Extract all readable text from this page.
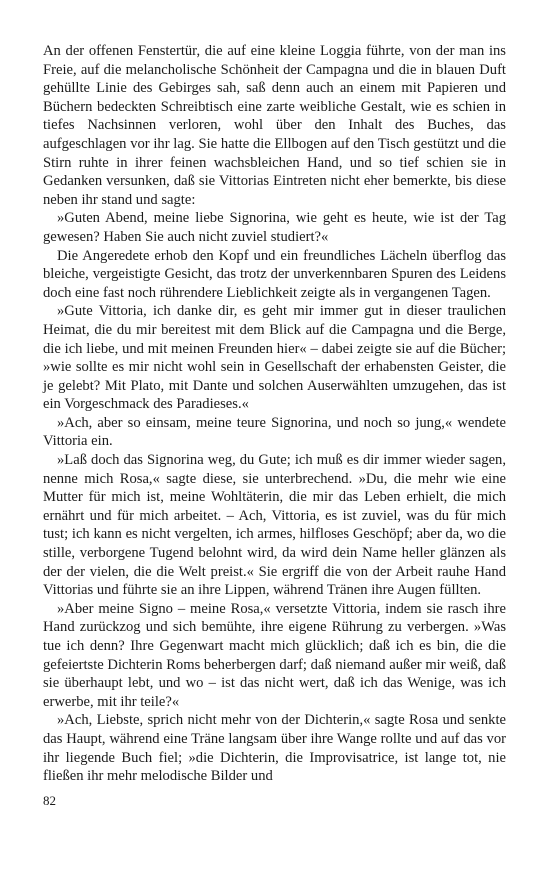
An der offenen Fenstertür, die auf eine kleine Loggia führte, von der man ins Freie, auf die melancholische Schönheit der Campagna und die in blauen Duft gehüllte Linie des Gebirges sah, saß denn auch an einem mit Papieren und Büchern bedeckten Schreibtisch eine zarte weibliche Gestalt, wie es schien in tiefes Nachsinnen verloren, wohl über den Inhalt des Buches, das aufgeschlagen vor ihr lag. Sie hatte die Ellbogen auf den Tisch gestützt und die Stirn ruhte in ihrer feinen wachsbleichen Hand, und so tief schien sie in Gedanken versunken, daß sie Vittorias Eintreten nicht eher bemerkte, bis diese neben ihr stand und sagte:

»Guten Abend, meine liebe Signorina, wie geht es heute, wie ist der Tag gewesen? Haben Sie auch nicht zuviel studiert?«

Die Angeredete erhob den Kopf und ein freundliches Lächeln überflog das bleiche, vergeistigte Gesicht, das trotz der unverkennbaren Spuren des Leidens doch eine fast noch rührendere Lieblichkeit zeigte als in vergangenen Tagen.

»Gute Vittoria, ich danke dir, es geht mir immer gut in dieser traulichen Heimat, die du mir bereitest mit dem Blick auf die Campagna und die Berge, die ich liebe, und mit meinen Freunden hier« – dabei zeigte sie auf die Bücher; »wie sollte es mir nicht wohl sein in Gesellschaft der erhabensten Geister, die je gelebt? Mit Plato, mit Dante und solchen Auserwählten umzugehen, das ist ein Vorgeschmack des Paradieses.«

»Ach, aber so einsam, meine teure Signorina, und noch so jung,« wendete Vittoria ein.

»Laß doch das Signorina weg, du Gute; ich muß es dir immer wieder sagen, nenne mich Rosa,« sagte diese, sie unterbrechend. »Du, die mehr wie eine Mutter für mich ist, meine Wohltäterin, die mir das Leben erhielt, die mich ernährt und für mich arbeitet. – Ach, Vittoria, es ist zuviel, was du für mich tust; ich kann es nicht vergelten, ich armes, hilfloses Geschöpf; aber da, wo die stille, verborgene Tugend belohnt wird, da wird dein Name heller glänzen als der der vielen, die die Welt preist.« Sie ergriff die von der Arbeit rauhe Hand Vittorias und führte sie an ihre Lippen, während Tränen ihre Augen füllten.

»Aber meine Signo – meine Rosa,« versetzte Vittoria, indem sie rasch ihre Hand zurückzog und sich bemühte, ihre eigene Rührung zu verbergen. »Was tue ich denn? Ihre Gegenwart macht mich glücklich; daß ich es bin, die die gefeiertste Dichterin Roms beherbergen darf; daß niemand außer mir weiß, daß sie überhaupt lebt, und wo – ist das nicht wert, daß ich das Wenige, was ich erwerbe, mit ihr teile?«

»Ach, Liebste, sprich nicht mehr von der Dichterin,« sagte Rosa und senkte das Haupt, während eine Träne langsam über ihre Wange rollte und auf das vor ihr liegende Buch fiel; »die Dichterin, die Improvisatrice, ist lange tot, nie fließen ihr mehr melodische Bilder und

82
